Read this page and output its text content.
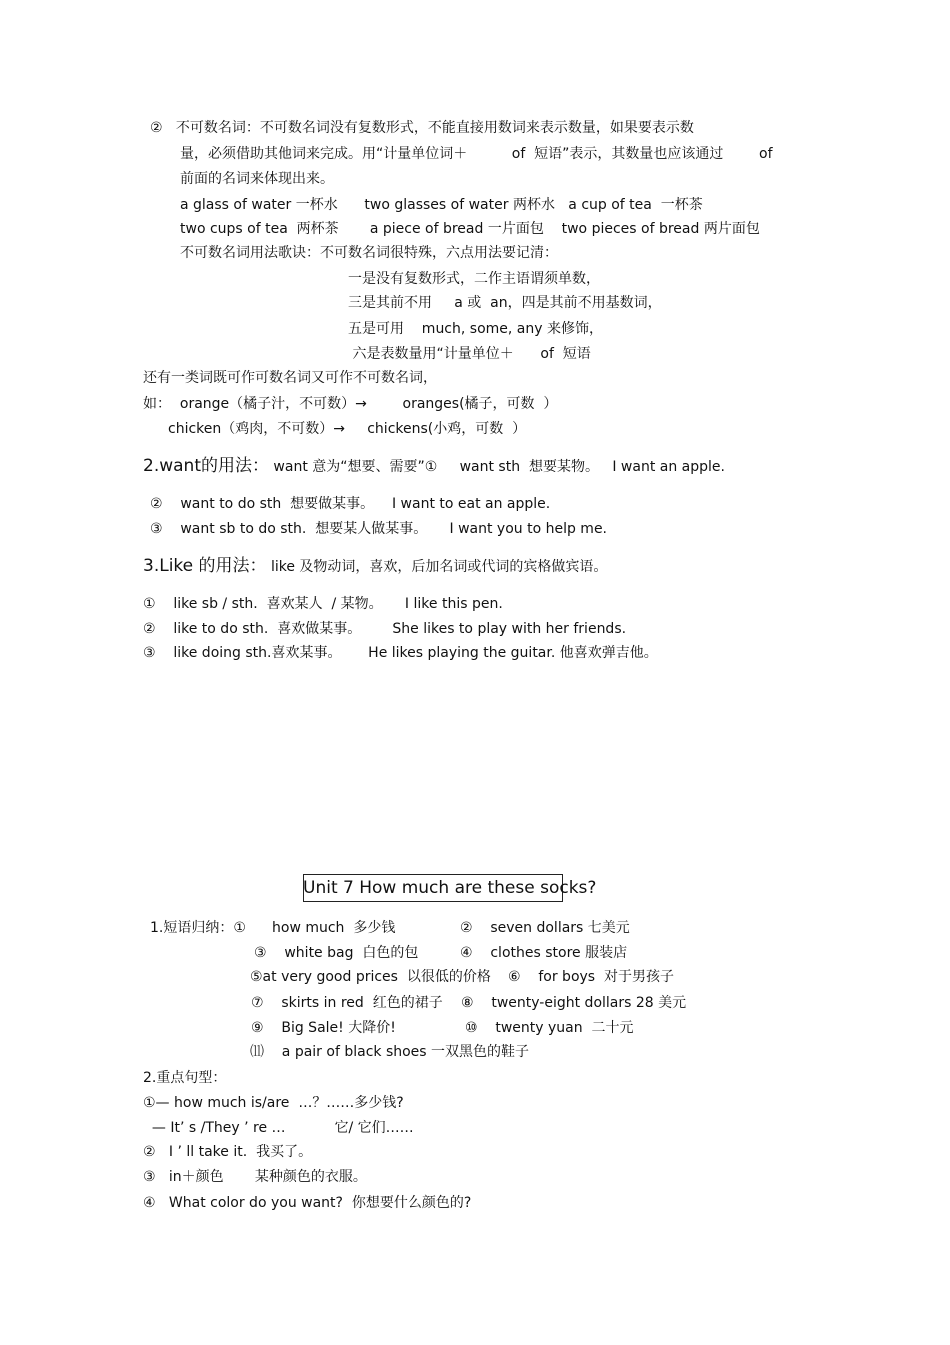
②   不可数名词：不可数名词没有复数形式，不能直接用数词来表示数量，如果要表示数
量，必须借助其他词来完成。用“计量单位词＋          of  短语”表示，其数量也应该通过        of
前面的名词来体现出来。
a glass of water 一杯水      two glasses of water 两杯水   a cup of tea  一杯茶
two cups of tea  两杯茶       a piece of bread 一片面包    two pieces of bread 两片面包
不可数名词用法歌诀：不可数名词很特殊，六点用法要记清：
一是没有复数形式，二作主语谓须单数，
三是其前不用     a 或  an，四是其前不用基数词，
五是可用    much, some, any 来修饰，
六是表数量用“计量单位＋      of  短语
还有一类词既可作可数名词又可作不可数名词，
如：  orange（橘子汁，不可数）→        oranges(橘子，可数  ）
chicken（鸡肉，不可数）→     chickens(小鸡，可数  ）
2.want的用法： want 意为“想要、需要”①     want sth  想要某物。   I want an apple.
②    want to do sth  想要做某事。    I want to eat an apple.
③    want sb to do sth.  想要某人做某事。     I want you to help me.
3.Like 的用法： like 及物动词，喜欢，后加名词或代词的宾格做宾语。
①    like sb / sth.  喜欢某人  / 某物。     I like this pen.
②    like to do sth.  喜欢做某事。       She likes to play with her friends.
③    like doing sth.喜欢某事。      He likes playing the guitar. 他喜欢弹吉他。
Unit 7 How much are these socks?
1.短语归纳：① how much  多少钱	②    seven dollars 七美元
③    white bag  白色的包	④    clothes store 服装店
⑤at very good prices  以很低的价格 ⑥    for boys  对于男孩子
⑦    skirts in red  红色的裙子 ⑧    twenty-eight dollars 28 美元
⑨    Big Sale! 大降价!	⑩    twenty yuan  二十元
⑾    a pair of black shoes 一双黑色的鞋子
2.重点句型：
①— how much is/are  …？……多少钱?
— It’ s /They ’ re …           它/ 它们……
②   I ’ ll take it.  我买了。
③   in＋颜色       某种颜色的衣服。
④   What color do you want?  你想要什么颜色的?
